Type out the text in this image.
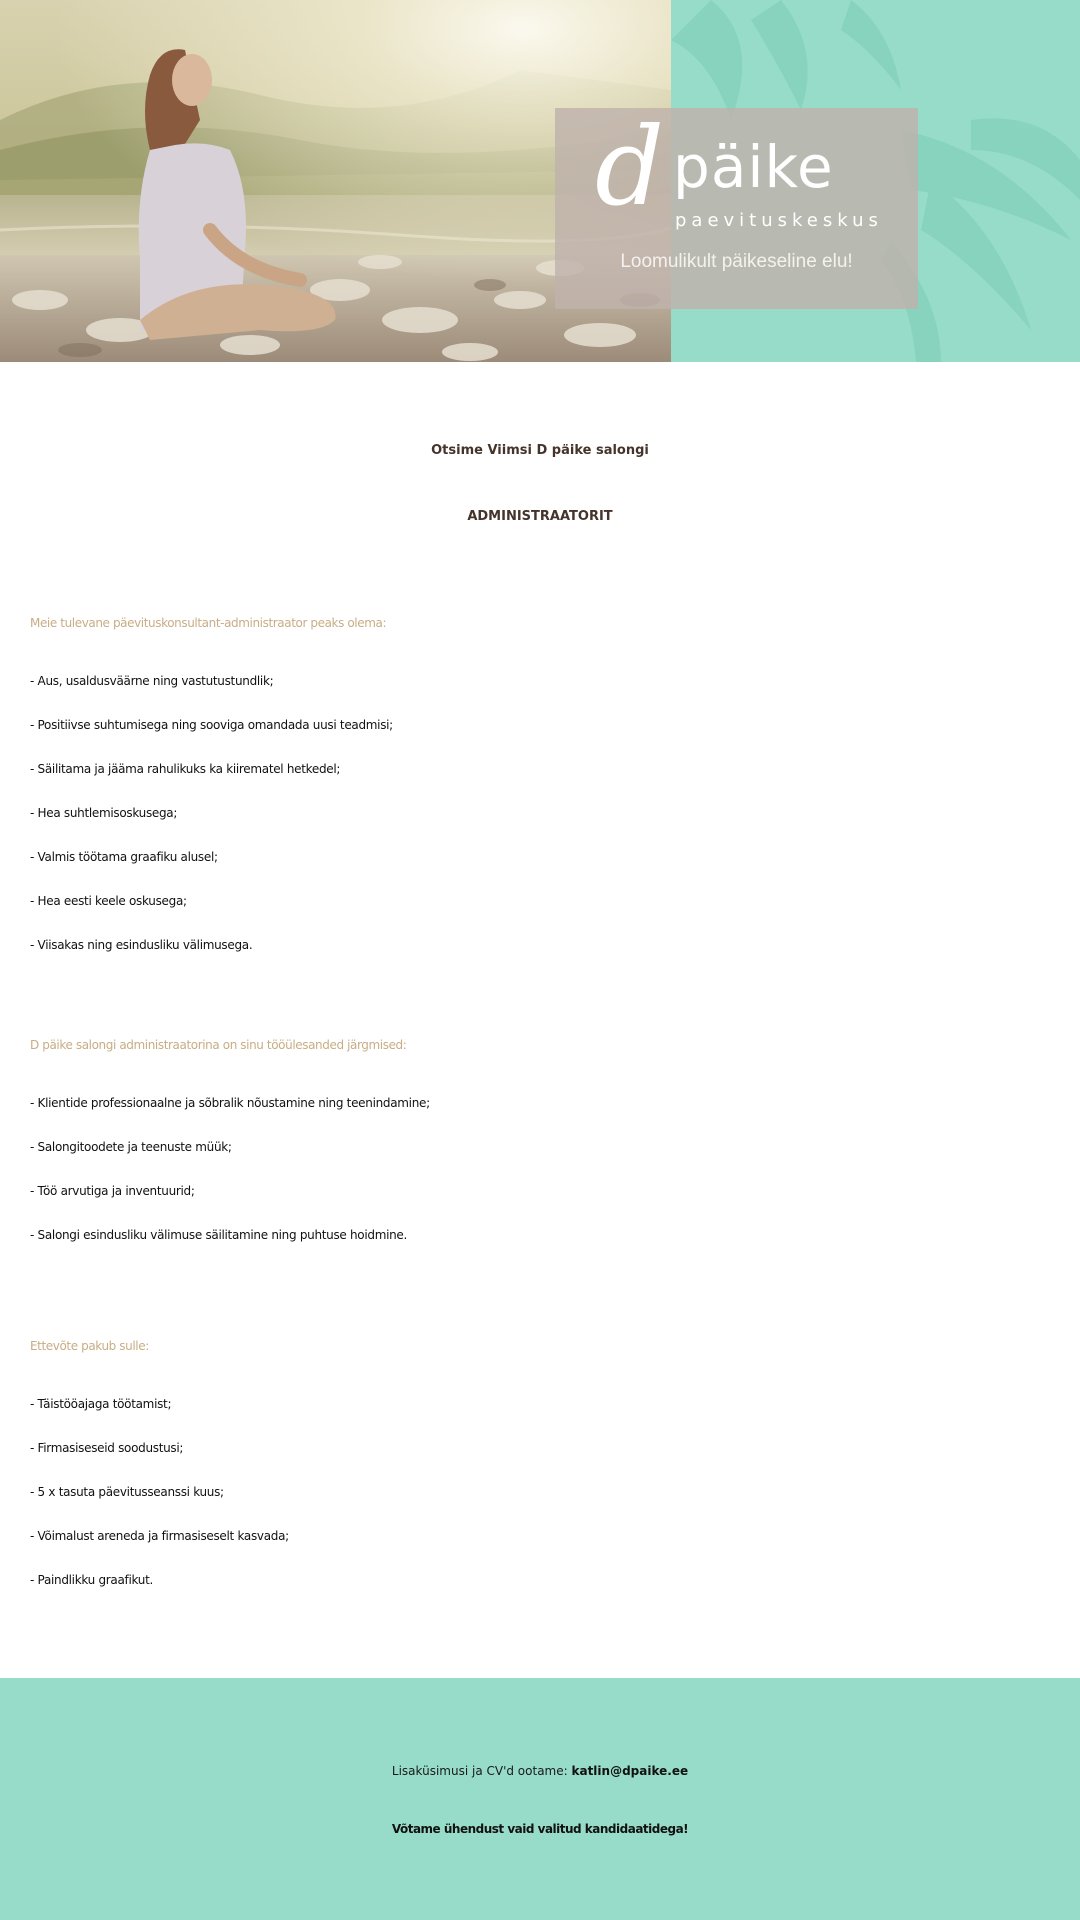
d päike
paevituskeskus
Loomulikult päikeseline elu!
Otsime Viimsi D päike salongi
ADMINISTRAATORIT
Meie tulevane päevituskonsultant-administraator peaks olema:
- Aus, usaldusväärne ning vastutustundlik;
- Positiivse suhtumisega ning sooviga omandada uusi teadmisi;
- Säilitama ja jääma rahulikuks ka kiirematel hetkedel;
- Hea suhtlemisoskusega;
- Valmis töötama graafiku alusel;
- Hea eesti keele oskusega;
- Viisakas ning esindusliku välimusega.
D päike salongi administraatorina on sinu tööülesanded järgmised:
- Klientide professionaalne ja sõbralik nõustamine ning teenindamine;
- Salongitoodete ja teenuste müük;
- Töö arvutiga ja inventuurid;
- Salongi esindusliku välimuse säilitamine ning puhtuse hoidmine.
Ettevõte pakub sulle:
- Täistööajaga töötamist;
- Firmasiseseid soodustusi;
- 5 x tasuta päevitusseanssi kuus;
- Võimalust areneda ja firmasiseselt kasvada;
- Paindlikku graafikut.
Lisaküsimusi ja CV'd ootame: katlin@dpaike.ee
Võtame ühendust vaid valitud kandidaatidega!
